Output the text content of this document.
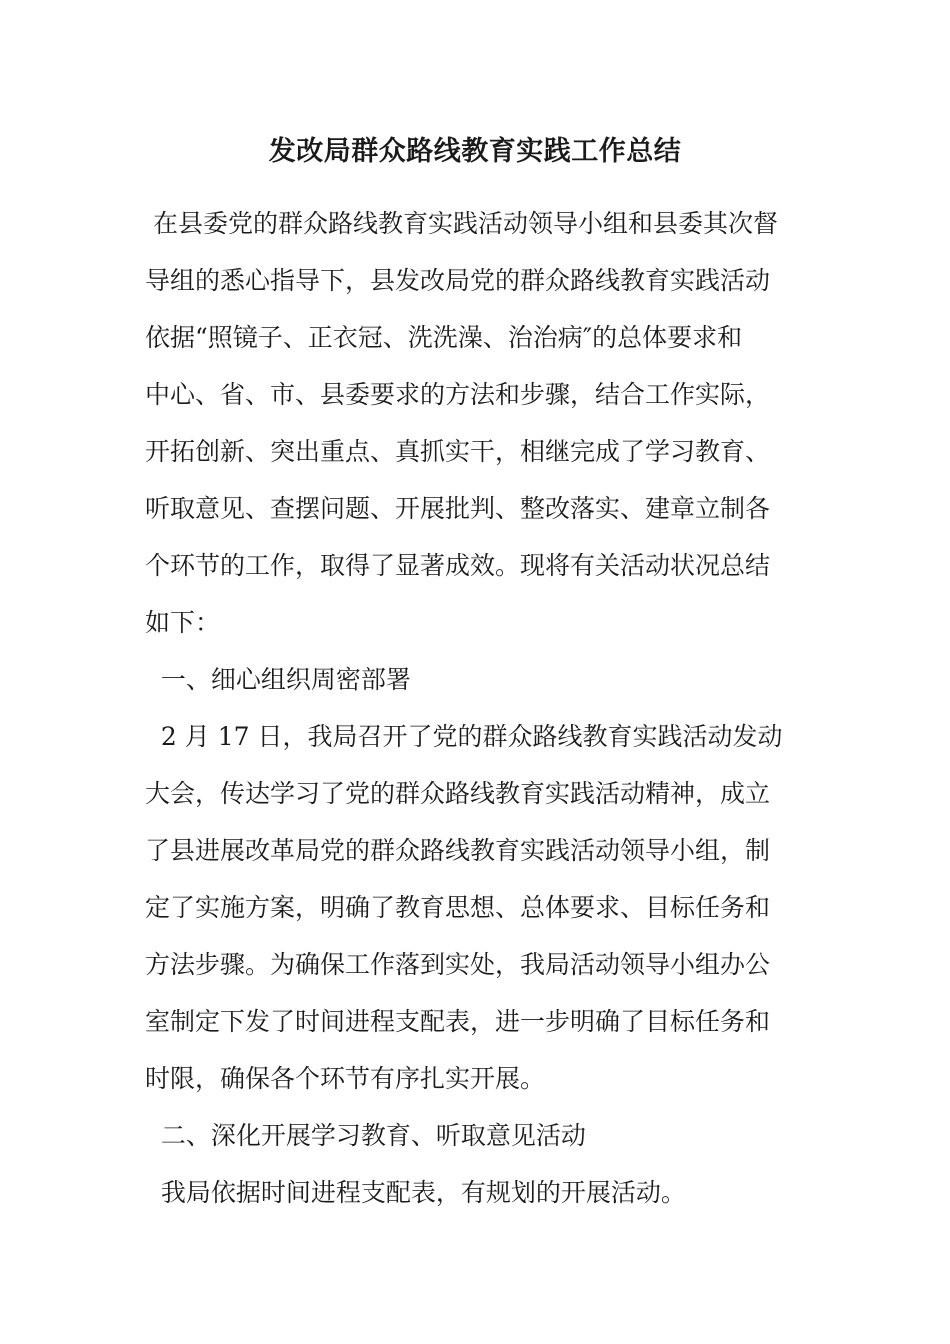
发改局群众路线教育实践工作总结
在县委党的群众路线教育实践活动领导小组和县委其次督
导组的悉心指导下，县发改局党的群众路线教育实践活动
依据“照镜子、正衣冠、洗洗澡、治治病″的总体要求和
中心、省、市、县委要求的方法和步骤，结合工作实际，
开拓创新、突出重点、真抓实干，相继完成了学习教育、
听取意见、查摆问题、开展批判、整改落实、建章立制各
个环节的工作，取得了显著成效。现将有关活动状况总结
如下：
一、细心组织周密部署
2 月 17 日，我局召开了党的群众路线教育实践活动发动
大会，传达学习了党的群众路线教育实践活动精神，成立
了县进展改革局党的群众路线教育实践活动领导小组，制
定了实施方案，明确了教育思想、总体要求、目标任务和
方法步骤。为确保工作落到实处，我局活动领导小组办公
室制定下发了时间进程支配表，进一步明确了目标任务和
时限，确保各个环节有序扎实开展。
二、深化开展学习教育、听取意见活动
我局依据时间进程支配表，有规划的开展活动。
